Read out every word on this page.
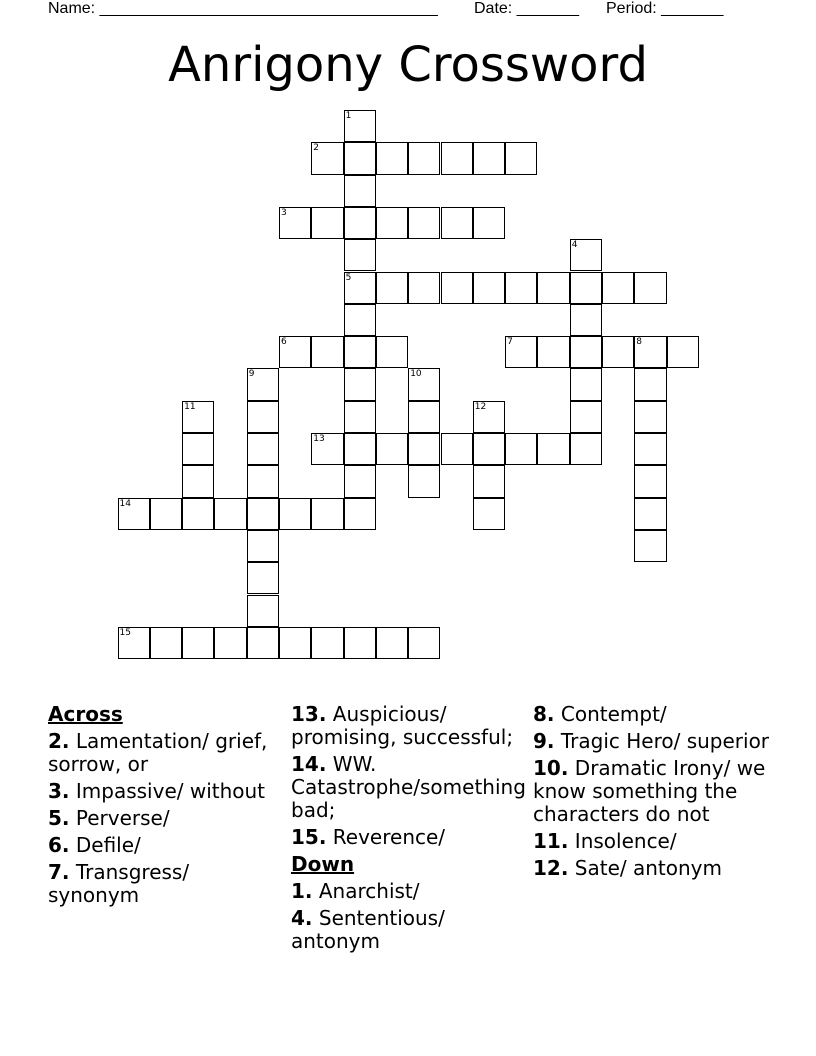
Name: ______________________________________ Date: _______ Period: _______
Anrigony Crossword
1
5
2
3
4
6	7	8
9	10
11	12
13
14
15
Across
2. Lamentation/ grief, sorrow, or
3. Impassive/ without
5. Perverse/
6. Defile/
7. Transgress/ synonym
13. Auspicious/ promising, successful;
14. WW. Catastrophe/something bad;
15. Reverence/
Down
1. Anarchist/
4. Sententious/ antonym
8. Contempt/
9. Tragic Hero/ superior
10. Dramatic Irony/ we know something the characters do not
11. Insolence/
12. Sate/ antonym
